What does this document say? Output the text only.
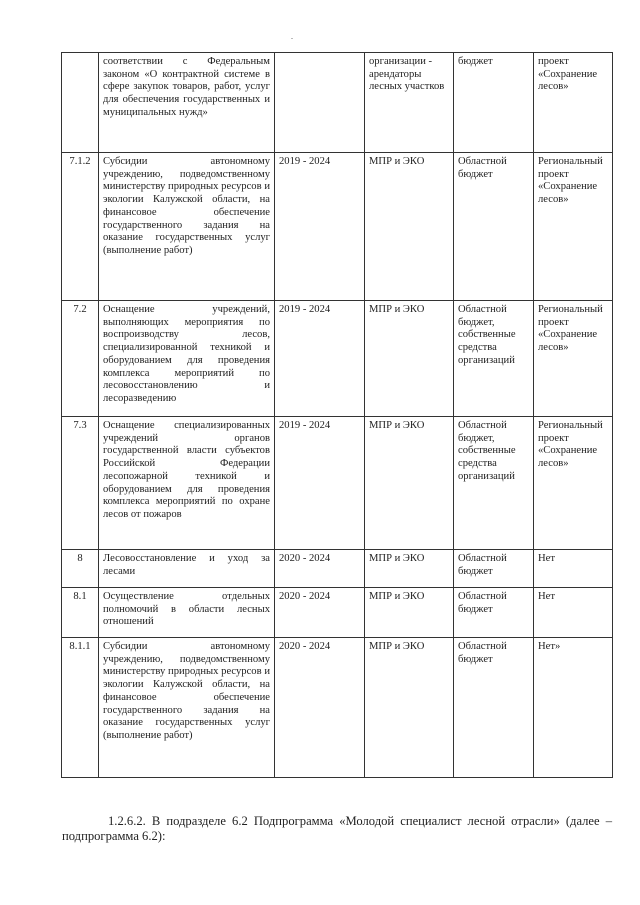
	соответствии с Федеральным законом «О контрактной системе в сфере закупок товаров, работ, услуг для обеспечения государственных и муниципальных нужд»		организации - арендаторы лесных участков	бюджет	проект «Сохранение лесов»
7.1.2	Субсидии автономному учреждению, подведомственному министерству природных ресурсов и экологии Калужской области, на финансовое обеспечение государственного задания на оказание государственных услуг (выполнение работ)	2019 - 2024	МПР и ЭКО	Областной бюджет	Региональный проект «Сохранение лесов»
7.2	Оснащение учреждений, выполняющих мероприятия по воспроизводству лесов, специализированной техникой и оборудованием для проведения комплекса мероприятий по лесовосстановлению и лесоразведению	2019 - 2024	МПР и ЭКО	Областной бюджет, собственные средства организаций	Региональный проект «Сохранение лесов»
7.3	Оснащение специализированных учреждений органов государственной власти субъектов Российской Федерации лесопожарной техникой и оборудованием для проведения комплекса мероприятий по охране лесов от пожаров	2019 - 2024	МПР и ЭКО	Областной бюджет, собственные средства организаций	Региональный проект «Сохранение лесов»
8	Лесовосстановление и уход за лесами	2020 - 2024	МПР и ЭКО	Областной бюджет	Нет
8.1	Осуществление отдельных полномочий в области лесных отношений	2020 - 2024	МПР и ЭКО	Областной бюджет	Нет
8.1.1	Субсидии автономному учреждению, подведомственному министерству природных ресурсов и экологии Калужской области, на финансовое обеспечение государственного задания на оказание государственных услуг (выполнение работ)	2020 - 2024	МПР и ЭКО	Областной бюджет	Нет»

1.2.6.2. В подразделе 6.2 Подпрограмма «Молодой специалист лесной отрасли» (далее – подпрограмма 6.2):
